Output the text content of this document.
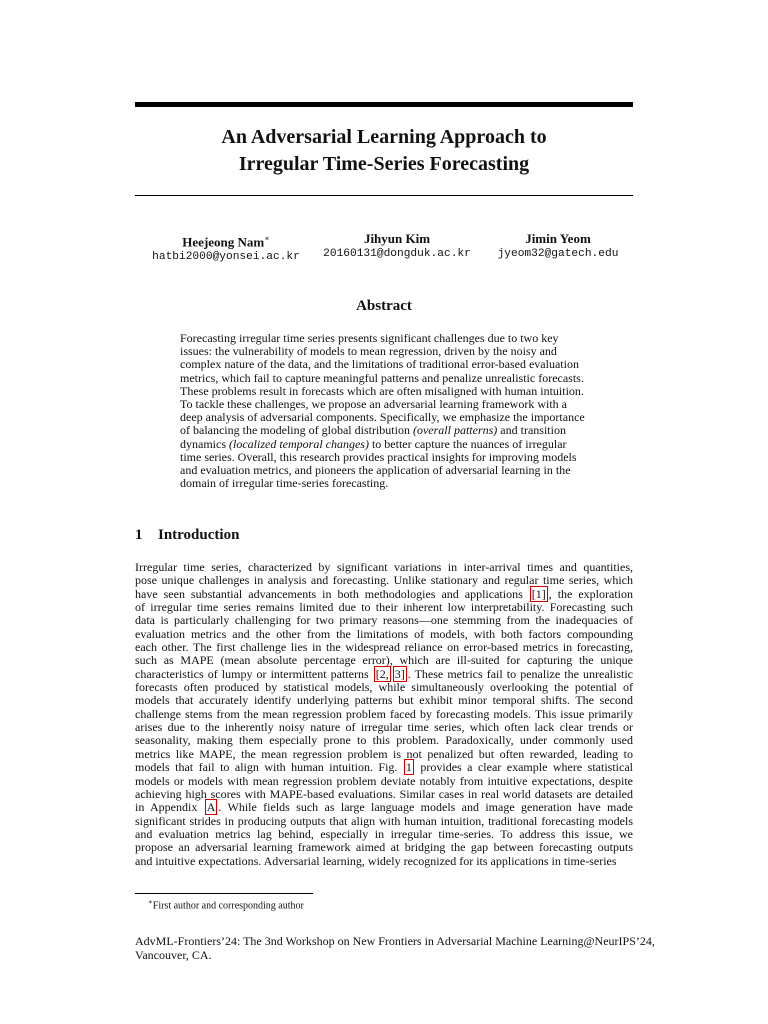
An Adversarial Learning Approach to
Irregular Time-Series Forecasting
Heejeong Nam∗
hatbi2000@yonsei.ac.kr
Jihyun Kim
20160131@dongduk.ac.kr
Jimin Yeom
jyeom32@gatech.edu
Abstract
Forecasting irregular time series presents significant challenges due to two key
issues: the vulnerability of models to mean regression, driven by the noisy and
complex nature of the data, and the limitations of traditional error-based evaluation
metrics, which fail to capture meaningful patterns and penalize unrealistic forecasts.
These problems result in forecasts which are often misaligned with human intuition.
To tackle these challenges, we propose an adversarial learning framework with a
deep analysis of adversarial components. Specifically, we emphasize the importance
of balancing the modeling of global distribution (overall patterns) and transition
dynamics (localized temporal changes) to better capture the nuances of irregular
time series. Overall, this research provides practical insights for improving models
and evaluation metrics, and pioneers the application of adversarial learning in the
domain of irregular time-series forecasting.
1 Introduction
Irregular time series, characterized by significant variations in inter-arrival times and quantities,
pose unique challenges in analysis and forecasting. Unlike stationary and regular time series, which
have seen substantial advancements in both methodologies and applications [1] , the exploration
of irregular time series remains limited due to their inherent low interpretability. Forecasting such
data is particularly challenging for two primary reasons—one stemming from the inadequacies of
evaluation metrics and the other from the limitations of models, with both factors compounding
each other. The first challenge lies in the widespread reliance on error-based metrics in forecasting,
such as MAPE (mean absolute percentage error), which are ill-suited for capturing the unique
characteristics of lumpy or intermittent patterns [2, 3] . These metrics fail to penalize the unrealistic
forecasts often produced by statistical models, while simultaneously overlooking the potential of
models that accurately identify underlying patterns but exhibit minor temporal shifts. The second
challenge stems from the mean regression problem faced by forecasting models. This issue primarily
arises due to the inherently noisy nature of irregular time series, which often lack clear trends or
seasonality, making them especially prone to this problem. Paradoxically, under commonly used
metrics like MAPE, the mean regression problem is not penalized but often rewarded, leading to
models that fail to align with human intuition. Fig. 1 provides a clear example where statistical
models or models with mean regression problem deviate notably from intuitive expectations, despite
achieving high scores with MAPE-based evaluations. Similar cases in real world datasets are detailed
in Appendix A . While fields such as large language models and image generation have made
significant strides in producing outputs that align with human intuition, traditional forecasting models
and evaluation metrics lag behind, especially in irregular time-series. To address this issue, we
propose an adversarial learning framework aimed at bridging the gap between forecasting outputs
and intuitive expectations. Adversarial learning, widely recognized for its applications in time-series
∗First author and corresponding author
AdvML-Frontiers’24: The 3nd Workshop on New Frontiers in Adversarial Machine Learning@NeurIPS’24,
Vancouver, CA.
